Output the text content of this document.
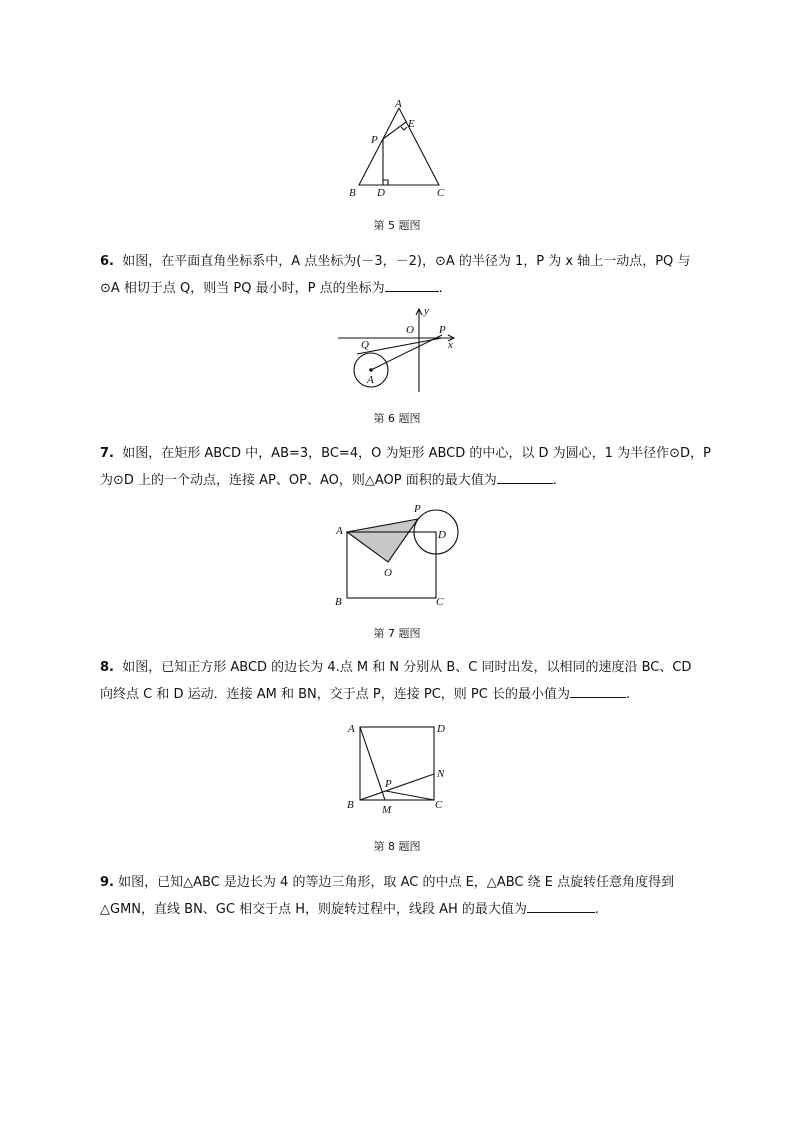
A
E
P
B D	C
第 5 题图
6. 如图，在平面直角坐标系中，A 点坐标为(－3，－2)，⊙A 的半径为 1，P 为 x 轴上一动点，PQ 与
⊙A 相切于点 Q，则当 PQ 最小时，P 点的坐标为	.
y
O P
x
Q
A
第 6 题图
7. 如图，在矩形 ABCD 中，AB=3，BC=4，O 为矩形 ABCD 的中心，以 D 为圆心，1 为半径作⊙D，P
为⊙D 上的一个动点，连接 AP、OP、AO，则△AOP 面积的最大值为	.
A
P
D
O
B	C
第 7 题图
8. 如图，已知正方形 ABCD 的边长为 4.点 M 和 N 分别从 B、C 同时出发，以相同的速度沿 BC、CD
向终点 C 和 D 运动．连接 AM 和 BN，交于点 P，连接 PC，则 PC 长的最小值为	.
A	D
N
P
B	M	C
第 8 题图
9. 如图，已知△ABC 是边长为 4 的等边三角形，取 AC 的中点 E，△ABC 绕 E 点旋转任意角度得到
△GMN，直线 BN、GC 相交于点 H，则旋转过程中，线段 AH 的最大值为	.
